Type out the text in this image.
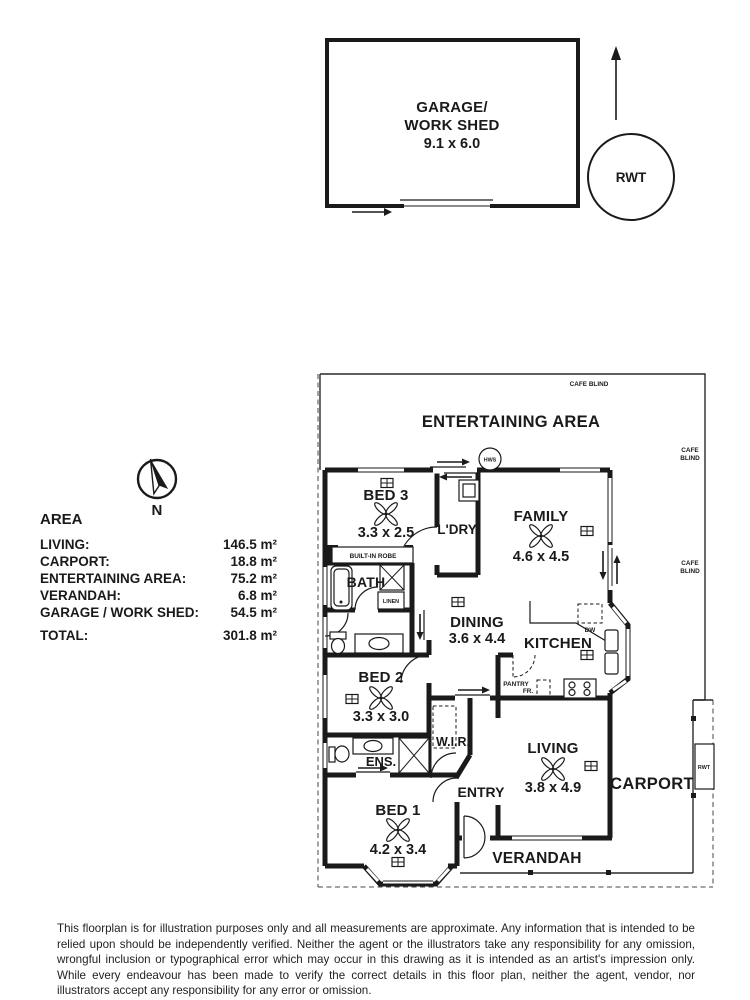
GARAGE/
WORK SHED
9.1 x 6.0
RWT
N
AREA
LIVING:	146.5 m²
CARPORT:	18.8 m²
ENTERTAINING AREA:	75.2 m²
VERANDAH:	6.8 m²
GARAGE / WORK SHED: 54.5 m²
TOTAL:	301.8 m²
RWT
CAFE BLIND
CAFE
BLIND
CAFE
BLIND
ENTERTAINING AREA
HWS
BED 3
3.3 x 2.5 L'DRY
FAMILY
4.6 x 4.5
BUILT-IN ROBE
BATH
LINEN
DINING
3.6 x 4.4 KITCHEN
DW
PANTRY
FR.
BED 2
3.3 x 3.0
W.I.R.
ENS.
LIVING
3.8 x 4.9
ENTRY
BED 1
4.2 x 3.4	VERANDAH
CARPORT
This floorplan is for illustration purposes only and all measurements are approximate. Any information that is intended to be relied upon should be independently verified. Neither the agent or the illustrators take any responsibility for any omission, wrongful inclusion or typographical error which may occur in this drawing as it is intended as an artist's impression only. While every endeavour has been made to verify the correct details in this floor plan, neither the agent, vendor, nor illustrators accept any responsibility for any error or omission.
